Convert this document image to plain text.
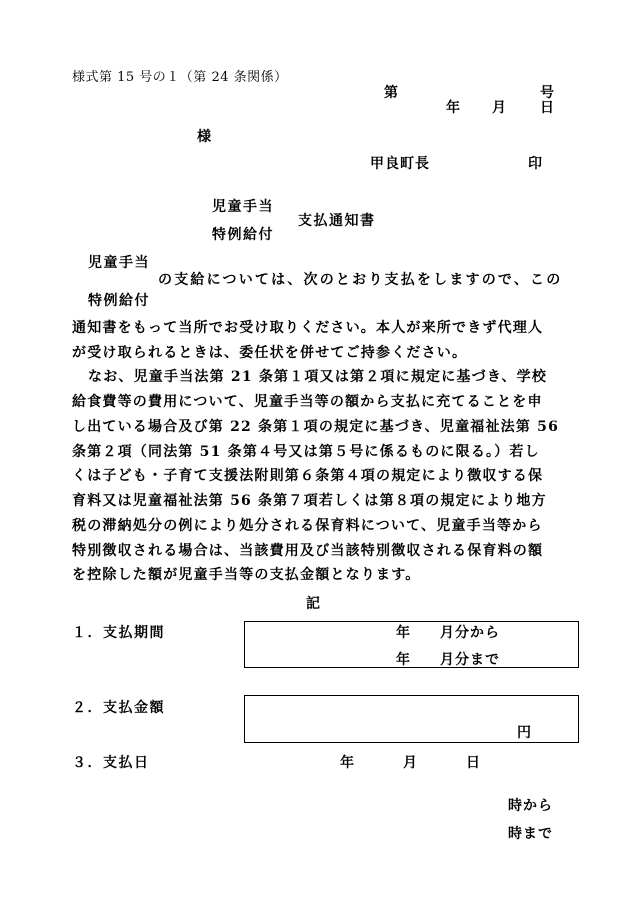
様式第 15 号の１（第 24 条関係）
第	号
年 月 日
様
甲良町長	印
児童手当
特例給付
支払通知書
児童手当
の支給については、次のとおり支払をしますので、この
特例給付
通知書をもって当所でお受け取りください。本人が来所できず代理人
が受け取られるときは、委任状を併せてご持参ください。
なお、児童手当法第 21 条第１項又は第２項に規定に基づき、学校
給食費等の費用について、児童手当等の額から支払に充てることを申
し出ている場合及び第 22 条第１項の規定に基づき、児童福祉法第 56
条第２項（同法第 51 条第４号又は第５号に係るものに限る。）若し
くは子ども・子育て支援法附則第６条第４項の規定により徴収する保
育料又は児童福祉法第 56 条第７項若しくは第８項の規定により地方
税の滞納処分の例により処分される保育料について、児童手当等から
特別徴収される場合は、当該費用及び当該特別徴収される保育料の額
を控除した額が児童手当等の支払金額となります。
記
１．支払期間	年 月分から
年 月分まで
２．支払金額
円
３．支払日	年	月	日
時から
時まで
